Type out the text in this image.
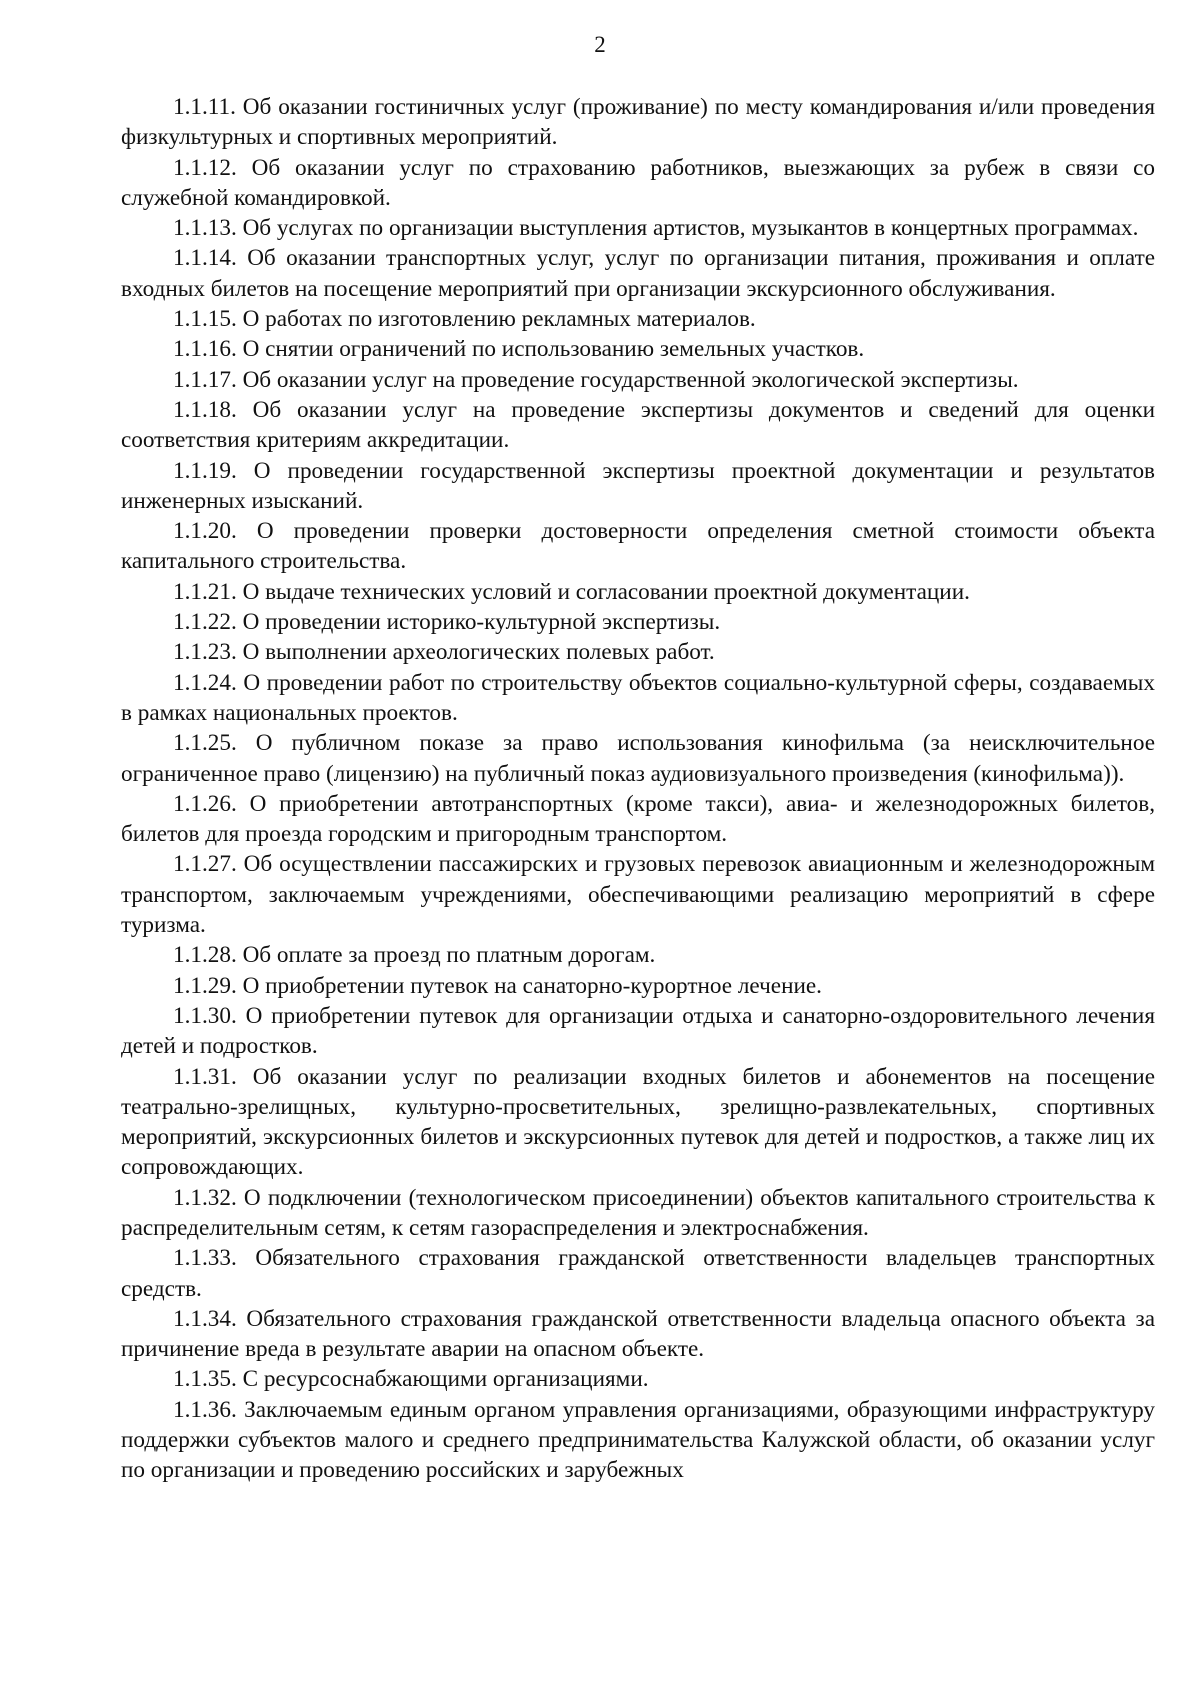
2

1.1.11. Об оказании гостиничных услуг (проживание) по месту командирования и/или проведения физкультурных и спортивных мероприятий.

1.1.12. Об оказании услуг по страхованию работников, выезжающих за рубеж в связи со служебной командировкой.

1.1.13. Об услугах по организации выступления артистов, музыкантов в концертных программах.

1.1.14. Об оказании транспортных услуг, услуг по организации питания, проживания и оплате входных билетов на посещение мероприятий при организации экскурсионного обслуживания.

1.1.15. О работах по изготовлению рекламных материалов.

1.1.16. О снятии ограничений по использованию земельных участков.

1.1.17. Об оказании услуг на проведение государственной экологической экспертизы.

1.1.18. Об оказании услуг на проведение экспертизы документов и сведений для оценки соответствия критериям аккредитации.

1.1.19. О проведении государственной экспертизы проектной документации и результатов инженерных изысканий.

1.1.20. О проведении проверки достоверности определения сметной стоимости объекта капитального строительства.

1.1.21. О выдаче технических условий и согласовании проектной документации.

1.1.22. О проведении историко-культурной экспертизы.

1.1.23. О выполнении археологических полевых работ.

1.1.24. О проведении работ по строительству объектов социально-культурной сферы, создаваемых в рамках национальных проектов.

1.1.25. О публичном показе за право использования кинофильма (за неисключительное ограниченное право (лицензию) на публичный показ аудиовизуального произведения (кинофильма)).

1.1.26. О приобретении автотранспортных (кроме такси), авиа- и железнодорожных билетов, билетов для проезда городским и пригородным транспортом.

1.1.27. Об осуществлении пассажирских и грузовых перевозок авиационным и железнодорожным транспортом, заключаемым учреждениями, обеспечивающими реализацию мероприятий в сфере туризма.

1.1.28. Об оплате за проезд по платным дорогам.

1.1.29. О приобретении путевок на санаторно-курортное лечение.

1.1.30. О приобретении путевок для организации отдыха и санаторно-оздоровительного лечения детей и подростков.

1.1.31. Об оказании услуг по реализации входных билетов и абонементов на посещение театрально-зрелищных, культурно-просветительных, зрелищно-развлекательных, спортивных мероприятий, экскурсионных билетов и экскурсионных путевок для детей и подростков, а также лиц их сопровождающих.

1.1.32. О подключении (технологическом присоединении) объектов капитального строительства к распределительным сетям, к сетям газораспределения и электроснабжения.

1.1.33. Обязательного страхования гражданской ответственности владельцев транспортных средств.

1.1.34. Обязательного страхования гражданской ответственности владельца опасного объекта за причинение вреда в результате аварии на опасном объекте.

1.1.35. С ресурсоснабжающими организациями.

1.1.36. Заключаемым единым органом управления организациями, образующими инфраструктуру поддержки субъектов малого и среднего предпринимательства Калужской области, об оказании услуг по организации и проведению российских и зарубежных
